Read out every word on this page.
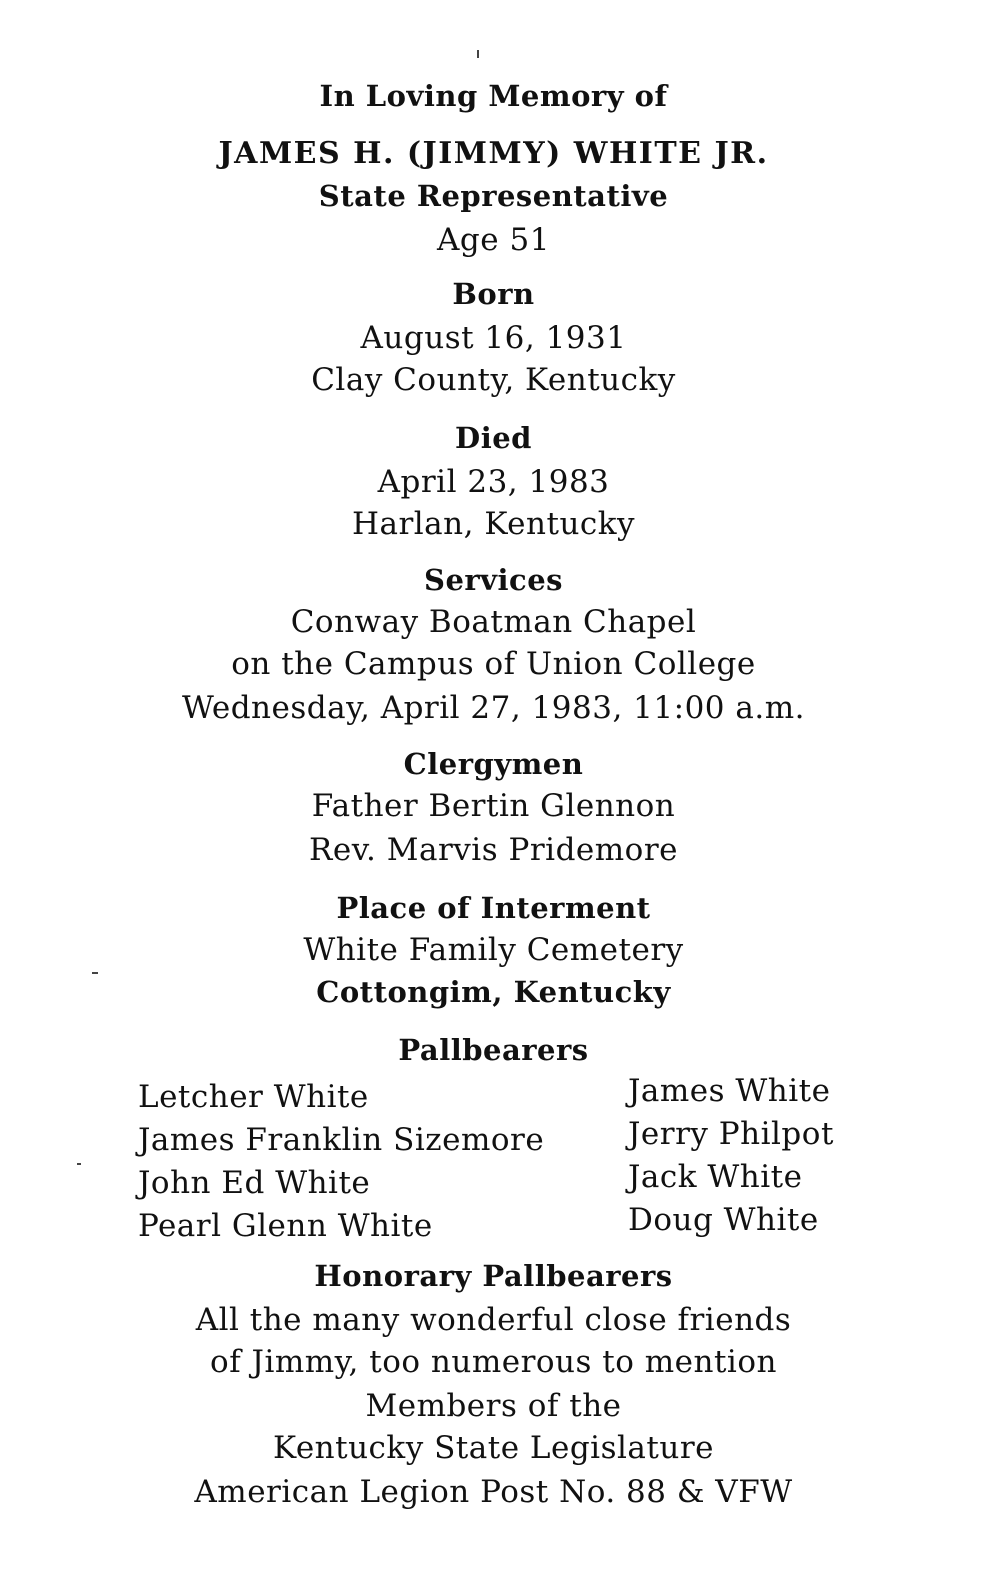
In Loving Memory of
JAMES H. (JIMMY) WHITE JR.
State Representative
Age 51
Born
August 16, 1931
Clay County, Kentucky
Died
April 23, 1983
Harlan, Kentucky
Services
Conway Boatman Chapel
on the Campus of Union College
Wednesday, April 27, 1983, 11:00 a.m.
Clergymen
Father Bertin Glennon
Rev. Marvis Pridemore
Place of Interment
White Family Cemetery
Cottongim, Kentucky
Pallbearers
Letcher White
James Franklin Sizemore
John Ed White
Pearl Glenn White
James White
Jerry Philpot
Jack White
Doug White
Honorary Pallbearers
All the many wonderful close friends
of Jimmy, too numerous to mention
Members of the
Kentucky State Legislature
American Legion Post No. 88 & VFW
